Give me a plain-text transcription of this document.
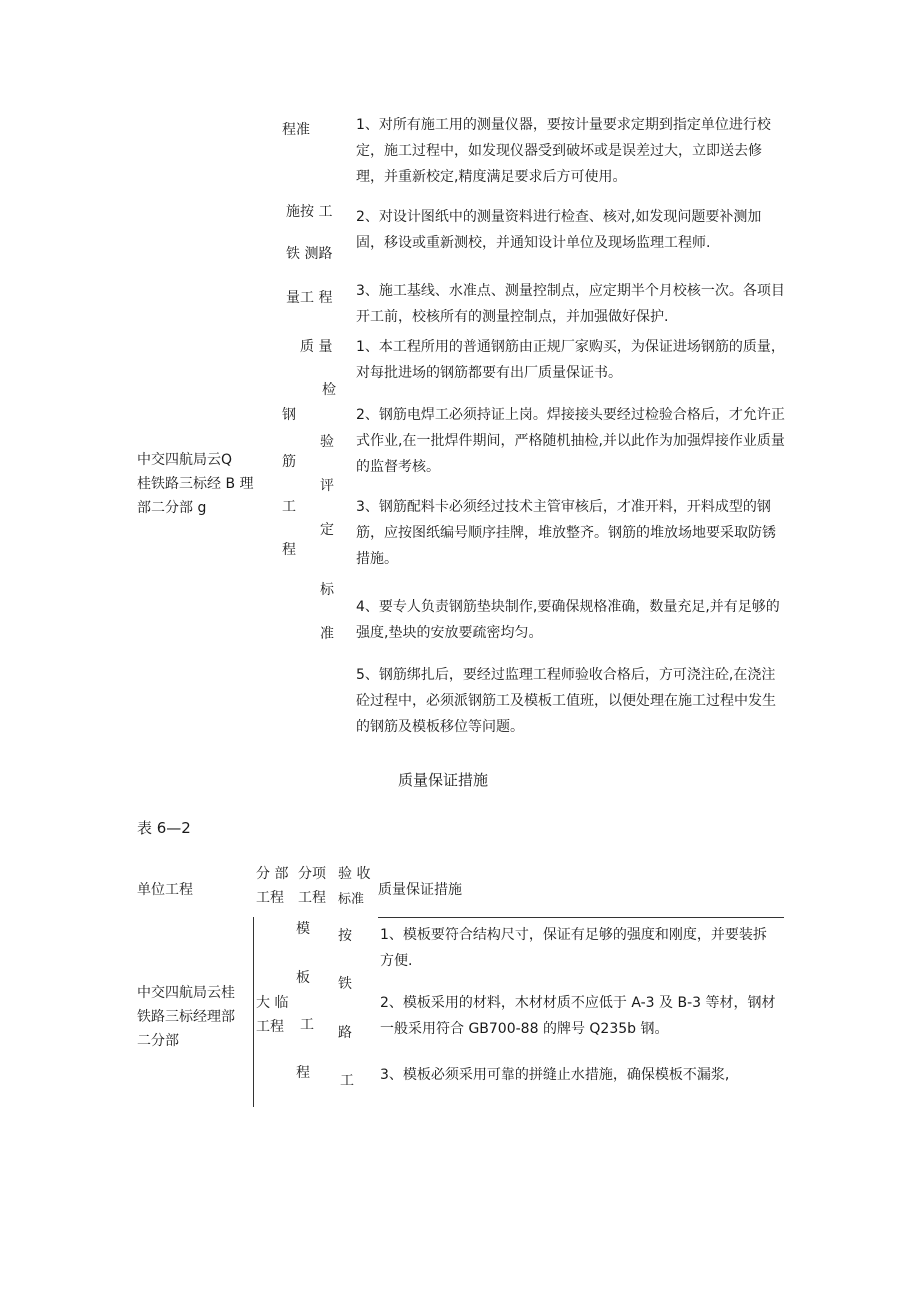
中交四航局云Q
桂铁路三标经 B 理
部二分部 g
程准
施按 工
铁 测路
量工 程
钢
筋
工
程
质 量
检
验
评
定
标
准
1、对所有施工用的测量仪器，要按计量要求定期到指定单位进行校定，施工过程中，如发现仪器受到破坏或是误差过大，立即送去修理，并重新校定,精度满足要求后方可使用。
2、对设计图纸中的测量资料进行检查、核对,如发现问题要补测加固，移设或重新测校，并通知设计单位及现场监理工程师.
3、施工基线、水准点、测量控制点，应定期半个月校核一次。各项目开工前，校核所有的测量控制点，并加强做好保护.
1、本工程所用的普通钢筋由正规厂家购买，为保证进场钢筋的质量，对每批进场的钢筋都要有出厂质量保证书。
2、钢筋电焊工必须持证上岗。焊接接头要经过检验合格后，才允许正式作业,在一批焊件期间，严格随机抽检,并以此作为加强焊接作业质量的监督考核。
3、钢筋配料卡必须经过技术主管审核后，才准开料，开料成型的钢筋，应按图纸编号顺序挂牌，堆放整齐。钢筋的堆放场地要采取防锈措施。
4、要专人负责钢筋垫块制作,要确保规格准确，数量充足,并有足够的强度,垫块的安放要疏密均匀。
5、钢筋绑扎后，要经过监理工程师验收合格后，方可浇注砼,在浇注砼过程中，必须派钢筋工及模板工值班，以便处理在施工过程中发生的钢筋及模板移位等问题。
质量保证措施
表 6—2
单位工程
分 部
工程
分项
工程
验 收
标准
质量保证措施
中交四航局云桂
铁路三标经理部
二分部
大 临
工程
模
板
工
程
按
铁
路
工
1、模板要符合结构尺寸，保证有足够的强度和刚度，并要装拆方便.
2、模板采用的材料，木材材质不应低于 A-3 及 B-3 等材，钢材一般采用符合 GB700-88 的牌号 Q235b 钢。
3、模板必须采用可靠的拼缝止水措施，确保模板不漏浆,
